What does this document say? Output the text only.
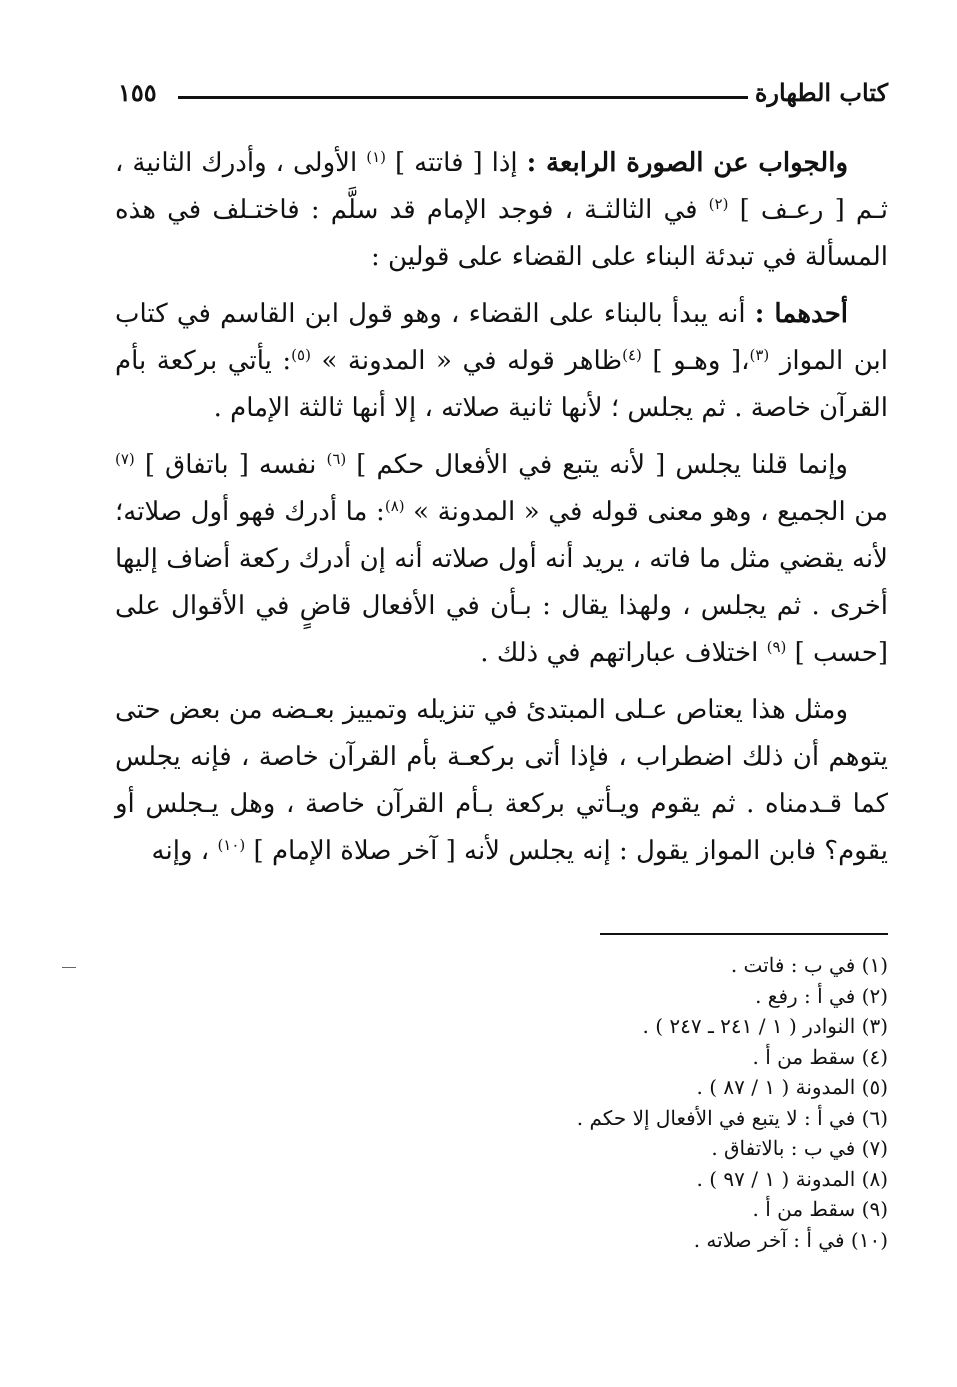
كتاب الطهارة
١٥٥

والجواب عن الصورة الرابعة : إذا [ فاتته ] $^{(١)}$ الأولى ، وأدرك الثانية ، ثـم [ رعـف ] $^{(٢)}$ في الثالثـة ، فوجد الإمام قد سلَّم : فاختـلف في هذه المسألة في تبدئة البناء على القضاء على قولين :

أحدهما : أنه يبدأ بالبناء على القضاء ، وهو قول ابن القاسم في كتاب ابن المواز $^{(٣)}$،[ وهـو ] $^{(٤)}$ظاهر قوله في « المدونة » $^{(٥)}$: يأتي بركعة بأم القرآن خاصة . ثم يجلس ؛ لأنها ثانية صلاته ، إلا أنها ثالثة الإمام .

وإنما قلنا يجلس [ لأنه يتبع في الأفعال حكم ] $^{(٦)}$ نفسه [ باتفاق ] $^{(٧)}$ من الجميع ، وهو معنى قوله في « المدونة » $^{(٨)}$: ما أدرك فهو أول صلاته؛ لأنه يقضي مثل ما فاته ، يريد أنه أول صلاته أنه إن أدرك ركعة أضاف إليها أخرى . ثم يجلس ، ولهذا يقال : بـأن في الأفعال قاضٍ في الأقوال على [حسب ] $^{(٩)}$ اختلاف عباراتهم في ذلك .

ومثل هذا يعتاص عـلى المبتدئ في تنزيله وتمييز بعـضه من بعض حتى يتوهم أن ذلك اضطراب ، فإذا أتى بركعـة بأم القرآن خاصة ، فإنه يجلس كما قـدمناه . ثم يقوم ويـأتي بركعة بـأم القرآن خاصة ، وهل يـجلس أو يقوم؟ فابن المواز يقول : إنه يجلس لأنه [ آخر صلاة الإمام ] $^{(١٠)}$ ، وإنه

(١) في ب : فاتت .

(٢) في أ : رفع .

(٣) النوادر ( ١ / ٢٤١ ـ ٢٤٧ ) .

(٤) سقط من أ .

(٥) المدونة ( ١ / ٨٧ ) .

(٦) في أ : لا يتبع في الأفعال إلا حكم .

(٧) في ب : بالاتفاق .

(٨) المدونة ( ١ / ٩٧ ) .

(٩) سقط من أ .

(١٠) في أ : آخر صلاته .
